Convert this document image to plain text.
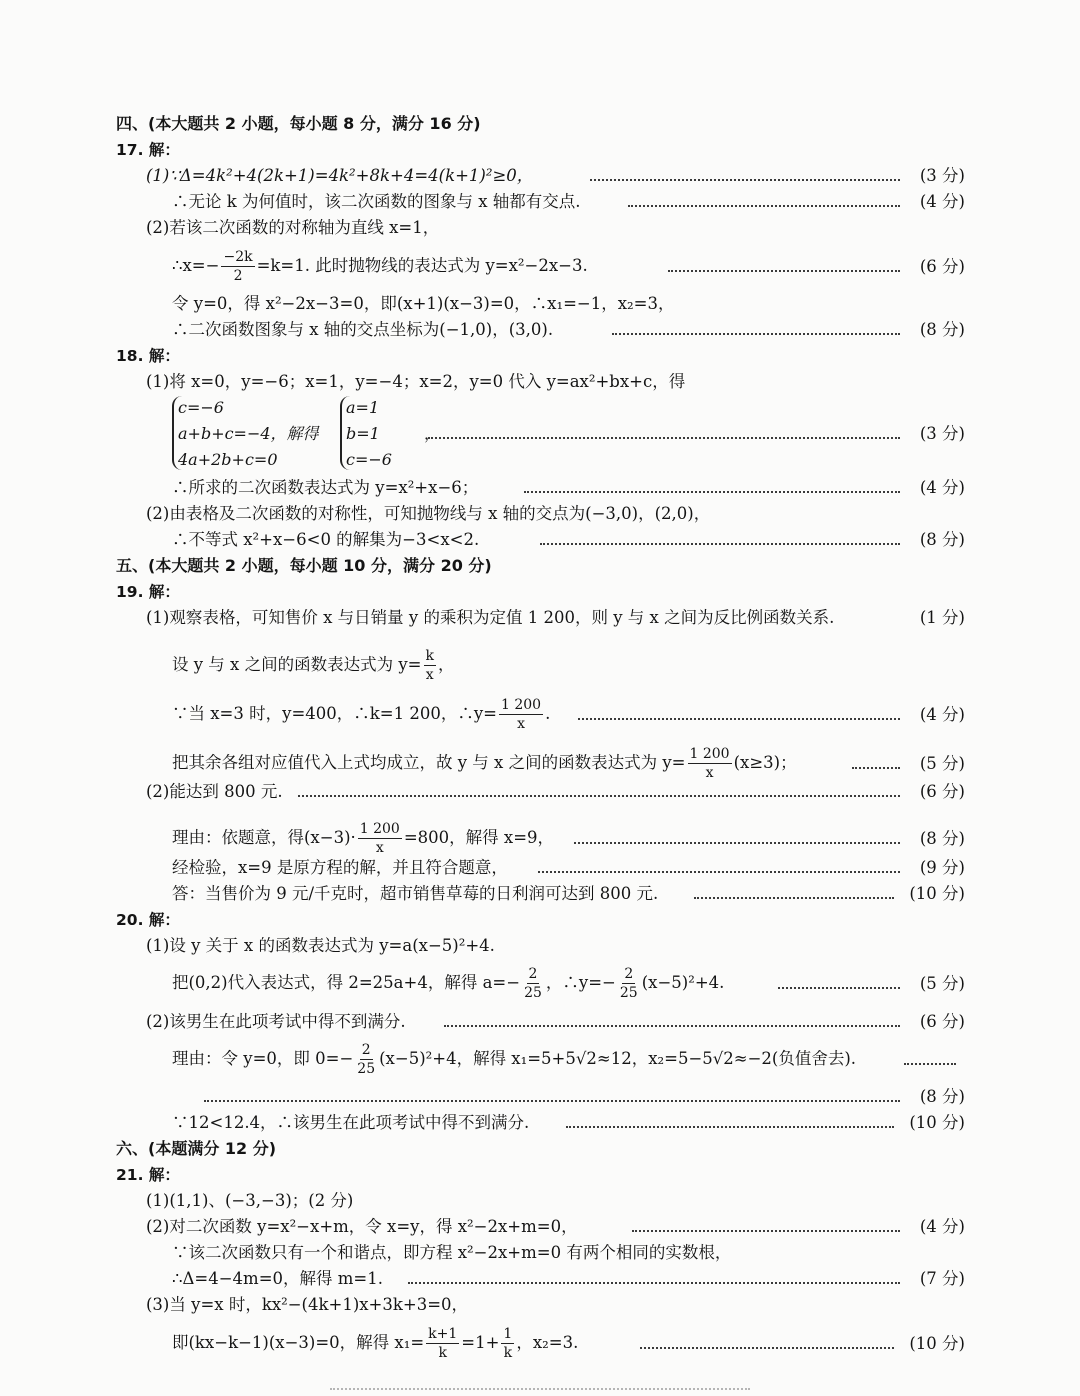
四、(本大题共 2 小题，每小题 8 分，满分 16 分)
17. 解：
(1)∵Δ=4k²+4(2k+1)=4k²+8k+4=4(k+1)²≥0，	(3 分)
∴无论 k 为何值时，该二次函数的图象与 x 轴都有交点.	(4 分)
(2)若该二次函数的对称轴为直线 x=1，
∴x=− $\frac{-2k}{2} =k=1$. 此时抛物线的表达式为 y=x²−2x−3.	(6 分)
令 y=0，得 x²−2x−3=0，即(x+1)(x−3)=0，∴x₁=−1，x₂=3，
∴二次函数图象与 x 轴的交点坐标为(−1,0)，(3,0).	(8 分)
18. 解：
(1)将 x=0，y=−6；x=1，y=−4；x=2，y=0 代入 y=ax²+bx+c，得
c=−6
a+b+c=−4，解得
4a+2b+c=0
a=1
b=1
c=−6
，	(3 分)
∴所求的二次函数表达式为 y=x²+x−6；	(4 分)
(2)由表格及二次函数的对称性，可知抛物线与 x 轴的交点为(−3,0)，(2,0)，
∴不等式 x²+x−6<0 的解集为−3<x<2.	(8 分)
五、(本大题共 2 小题，每小题 10 分，满分 20 分)
19. 解：
(1)观察表格，可知售价 x 与日销量 y 的乘积为定值 1 200，则 y 与 x 之间为反比例函数关系.	(1 分)
设 y 与 x 之间的函数表达式为 $y= \frac{k}{x}$ ，
∵当 x=3 时，y=400，∴k=1 200，∴y= $\frac{1 200}{x}$ .	(4 分)
把其余各组对应值代入上式均成立，故 y 与 x 之间的函数表达式为 $y= \frac{1 200}{x} (x\ge 3)$；	(5 分)
(2)能达到 800 元.	(6 分)
理由：依题意，得$(x-3)\cdot \frac{1 200}{x} =800$，解得 x=9，	(8 分)
经检验，x=9 是原方程的解，并且符合题意，	(9 分)
答：当售价为 9 元/千克时，超市销售草莓的日利润可达到 800 元.	(10 分)
20. 解：
(1)设 y 关于 x 的函数表达式为 y=a(x−5)²+4.
把(0,2)代入表达式，得 2=25a+4，解得 $a=- \frac{2}{25}$ ，∴y=− $\frac{2}{25} (x-5)^2+4$.	(5 分)
(2)该男生在此项考试中得不到满分.	(6 分)
理由：令 y=0，即 $0=- \frac{2}{25} (x-5)^2+4$，解得 x₁=5+5√2≈12，x₂=5−5√2≈−2(负值舍去).
(8 分)
∵12<12.4，∴该男生在此项考试中得不到满分.	(10 分)
六、(本题满分 12 分)
21. 解：
(1)(1,1)、(−3,−3)；(2 分)
(2)对二次函数 y=x²−x+m，令 x=y，得 x²−2x+m=0，	(4 分)
∵该二次函数只有一个和谐点，即方程 x²−2x+m=0 有两个相同的实数根，
∴Δ=4−4m=0，解得 m=1.	(7 分)
(3)当 y=x 时，kx²−(4k+1)x+3k+3=0，
即(kx−k−1)(x−3)=0，解得 $x_1= \frac{k+1}{k} =1+ \frac{1}{k}$ ，x₂=3.	(10 分)
